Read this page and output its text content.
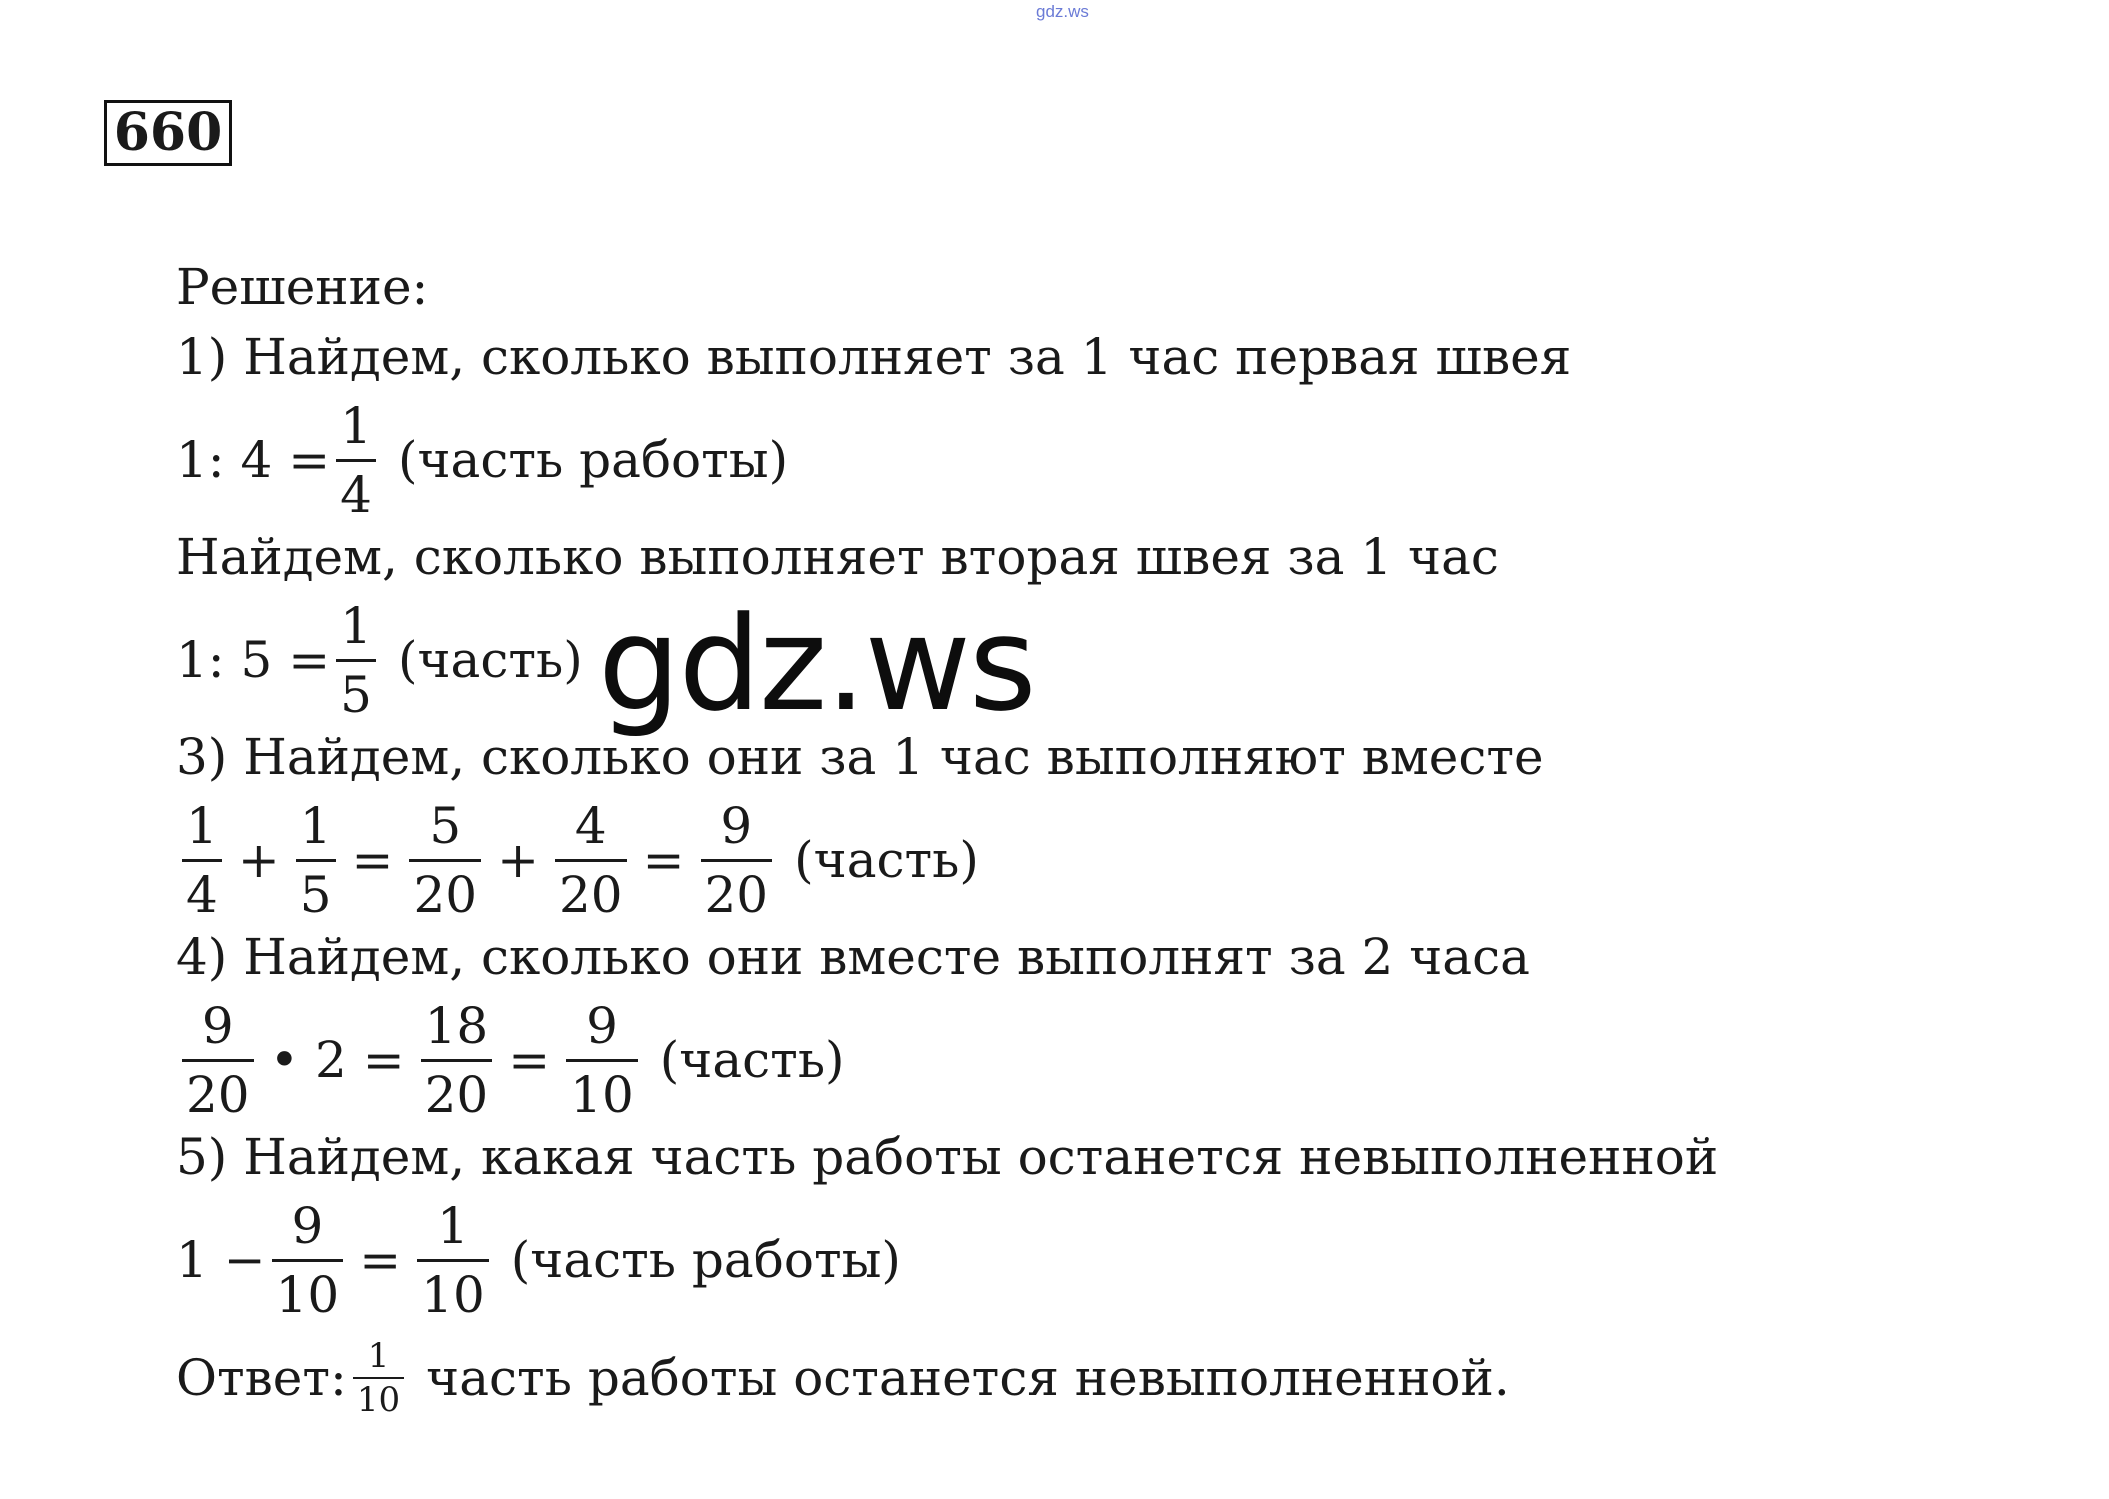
gdz.ws
660
Решение:
1) Найдем, сколько выполняет за 1 час первая швея
1: $4 = \frac{1}{4}$ (часть работы)
Найдем, сколько выполняет вторая швея за 1 час
1: $5 = \frac{1}{5}$ (часть)
3) Найдем, сколько они за 1 час выполняют вместе
$\frac{1}{4} + \frac{1}{5} = \frac{5}{20} + \frac{4}{20} = \frac{9}{20}$ (часть)
4) Найдем, сколько они вместе выполнят за 2 часа
$\frac{9}{20}$ • $2 = \frac{18}{20} = \frac{9}{10}$ (часть)
5) Найдем, какая часть работы останется невыполненной
$1 - \frac{9}{10} = \frac{1}{10}$ (часть работы)
Ответ: $\frac{1}{10}$ часть работы останется невыполненной.
gdz.ws
